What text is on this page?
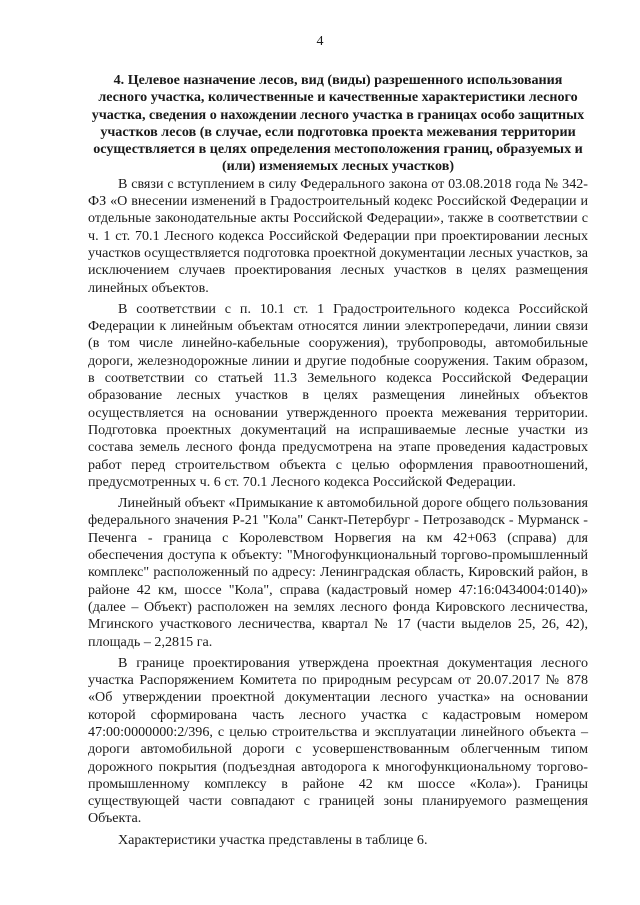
4

4. Целевое назначение лесов, вид (виды) разрешенного использования лесного участка, количественные и качественные характеристики лесного участка, сведения о нахождении лесного участка в границах особо защитных участков лесов (в случае, если подготовка проекта межевания территории осуществляется в целях определения местоположения границ, образуемых и (или) изменяемых лесных участков)

В связи с вступлением в силу Федерального закона от 03.08.2018 года № 342-ФЗ «О внесении изменений в Градостроительный кодекс Российской Федерации и отдельные законодательные акты Российской Федерации», также в соответствии с ч. 1 ст. 70.1 Лесного кодекса Российской Федерации при проектировании лесных участков осуществляется подготовка проектной документации лесных участков, за исключением случаев проектирования лесных участков в целях размещения линейных объектов.

В соответствии с п. 10.1 ст. 1 Градостроительного кодекса Российской Федерации к линейным объектам относятся линии электропередачи, линии связи (в том числе линейно-кабельные сооружения), трубопроводы, автомобильные дороги, железнодорожные линии и другие подобные сооружения. Таким образом, в соответствии со статьей 11.3 Земельного кодекса Российской Федерации образование лесных участков в целях размещения линейных объектов осуществляется на основании утвержденного проекта межевания территории. Подготовка проектных документаций на испрашиваемые лесные участки из состава земель лесного фонда предусмотрена на этапе проведения кадастровых работ перед строительством объекта с целью оформления правоотношений, предусмотренных ч. 6 ст. 70.1 Лесного кодекса Российской Федерации.

Линейный объект «Примыкание к автомобильной дороге общего пользования федерального значения Р-21 "Кола" Санкт-Петербург - Петрозаводск - Мурманск - Печенга - граница с Королевством Норвегия на км 42+063 (справа) для обеспечения доступа к объекту: "Многофункциональный торгово-промышленный комплекс" расположенный по адресу: Ленинградская область, Кировский район, в районе 42 км, шоссе "Кола", справа (кадастровый номер 47:16:0434004:0140)» (далее – Объект) расположен на землях лесного фонда Кировского лесничества, Мгинского участкового лесничества, квартал № 17 (части выделов 25, 26, 42), площадь – 2,2815 га.

В границе проектирования утверждена проектная документация лесного участка Распоряжением Комитета по природным ресурсам от 20.07.2017 № 878 «Об утверждении проектной документации лесного участка» на основании которой сформирована часть лесного участка с кадастровым номером 47:00:0000000:2/396, с целью строительства и эксплуатации линейного объекта – дороги автомобильной дороги с усовершенствованным облегченным типом дорожного покрытия (подъездная автодорога к многофункциональному торгово-промышленному комплексу в районе 42 км шоссе «Кола»). Границы существующей части совпадают с границей зоны планируемого размещения Объекта.

Характеристики участка представлены в таблице 6.
